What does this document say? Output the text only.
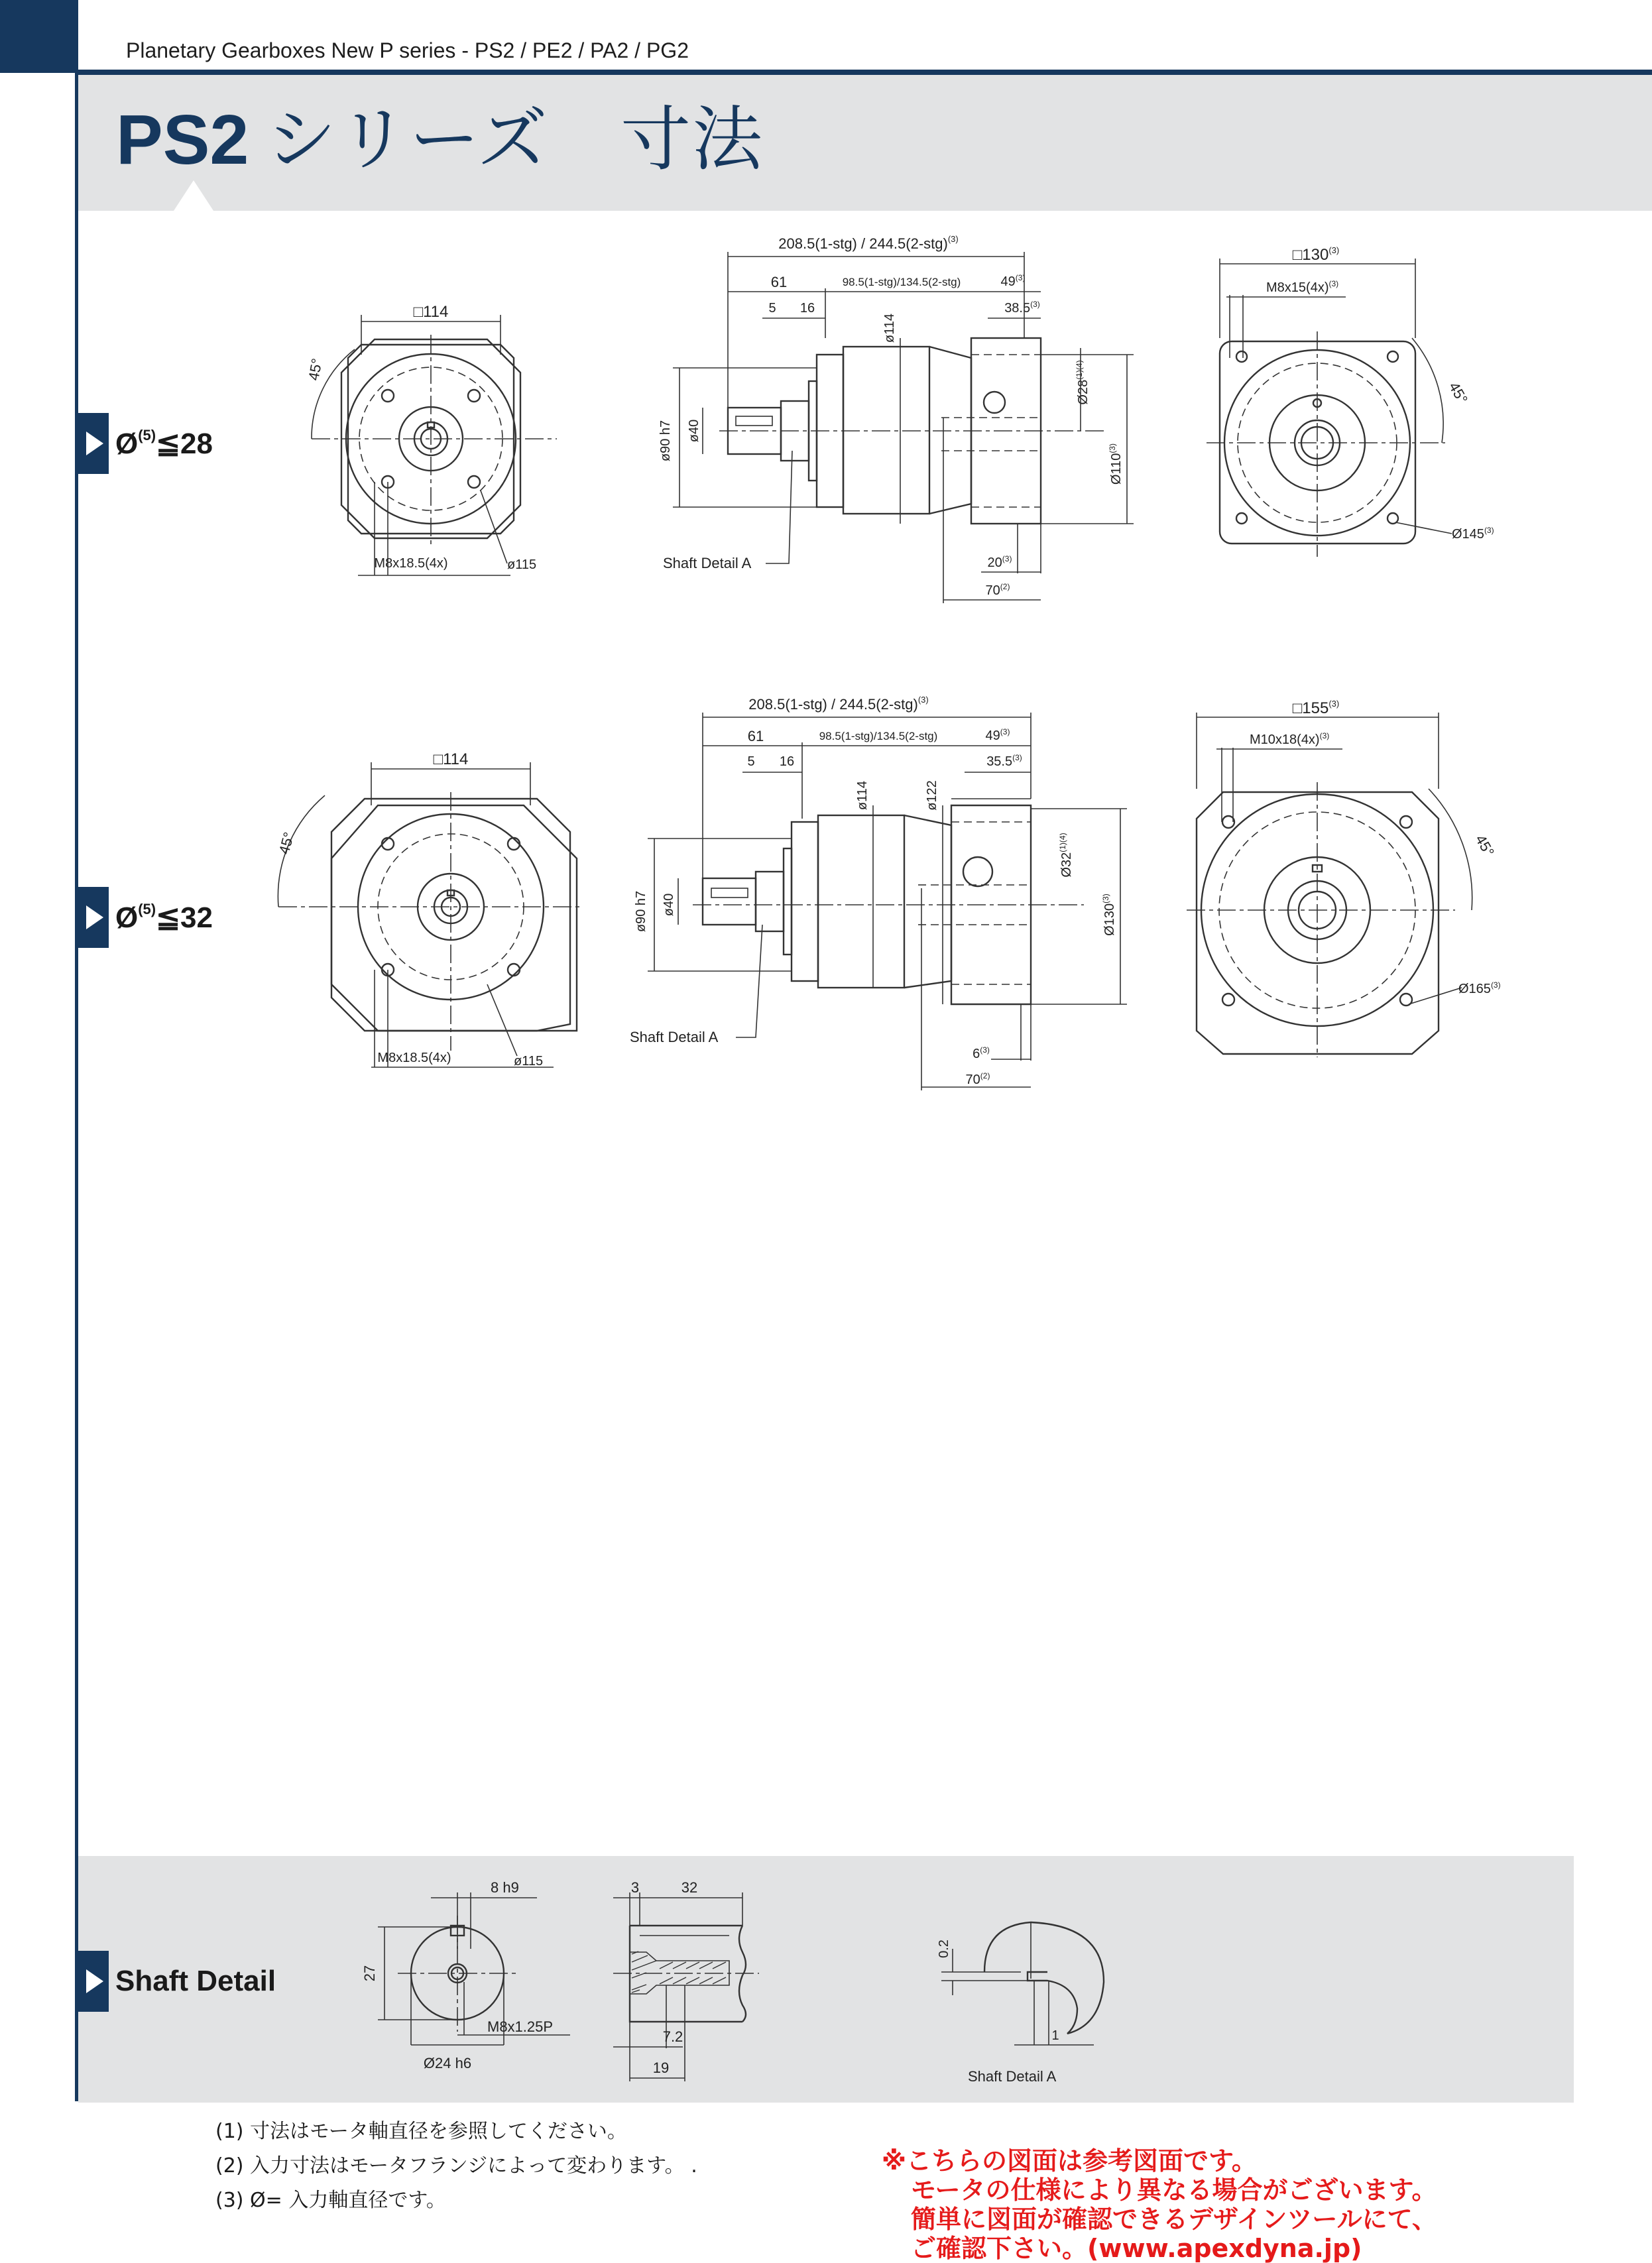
Planetary Gearboxes New P series - PS2 / PE2 / PA2 / PG2
PS2 シリーズ　寸法
$Ø^{(5)}≦28$
$Ø^{(5)}≦32$
□114
45°
M8x18.5(4x)	ø115
$208.5(1-stg) / 244.5(2-stg)^{(3)}$
61	98.5(1-stg)/134.5(2-stg)	49$^{(3)}$
5 16	38.5$^{(3)}$
ø90 h7 ø40
ø114
$Ø28^{(1)(4)}$
Ø110$^{(3)}$
20$^{(3)}$
70$^{(2)}$
Shaft Detail A
□130$^{(3)}$
$M8x15(4x)^{(3)}$
45°
Ø145$^{(3)}$
□114
45°
M8x18.5(4x)	ø115
$208.5(1-stg) / 244.5(2-stg)^{(3)}$
61	98.5(1-stg)/134.5(2-stg)	49$^{(3)}$
5 16	35.5$^{(3)}$
ø90 h7 ø40
ø114	ø122
$Ø32^{(1)(4)}$
Ø130$^{(3)}$
6$^{(3)}$
70$^{(2)}$
Shaft Detail A
□155$^{(3)}$
$M10x18(4x)^{(3)}$
45°
Ø165$^{(3)}$
Shaft Detail
8 h9
27
Ø24 h6
M8x1.25P
3	32
7.2
19
0.2
1
Shaft Detail A
(1) 寸法はモータ軸直径を参照してください。
(2) 入力寸法はモータフランジによって変わります。 .
(3) Ø= 入力軸直径です。
※こちらの図面は参考図面です。
モータの仕様により異なる場合がございます。
簡単に図面が確認できるデザインツールにて、
ご確認下さい。(www.apexdyna.jp)
